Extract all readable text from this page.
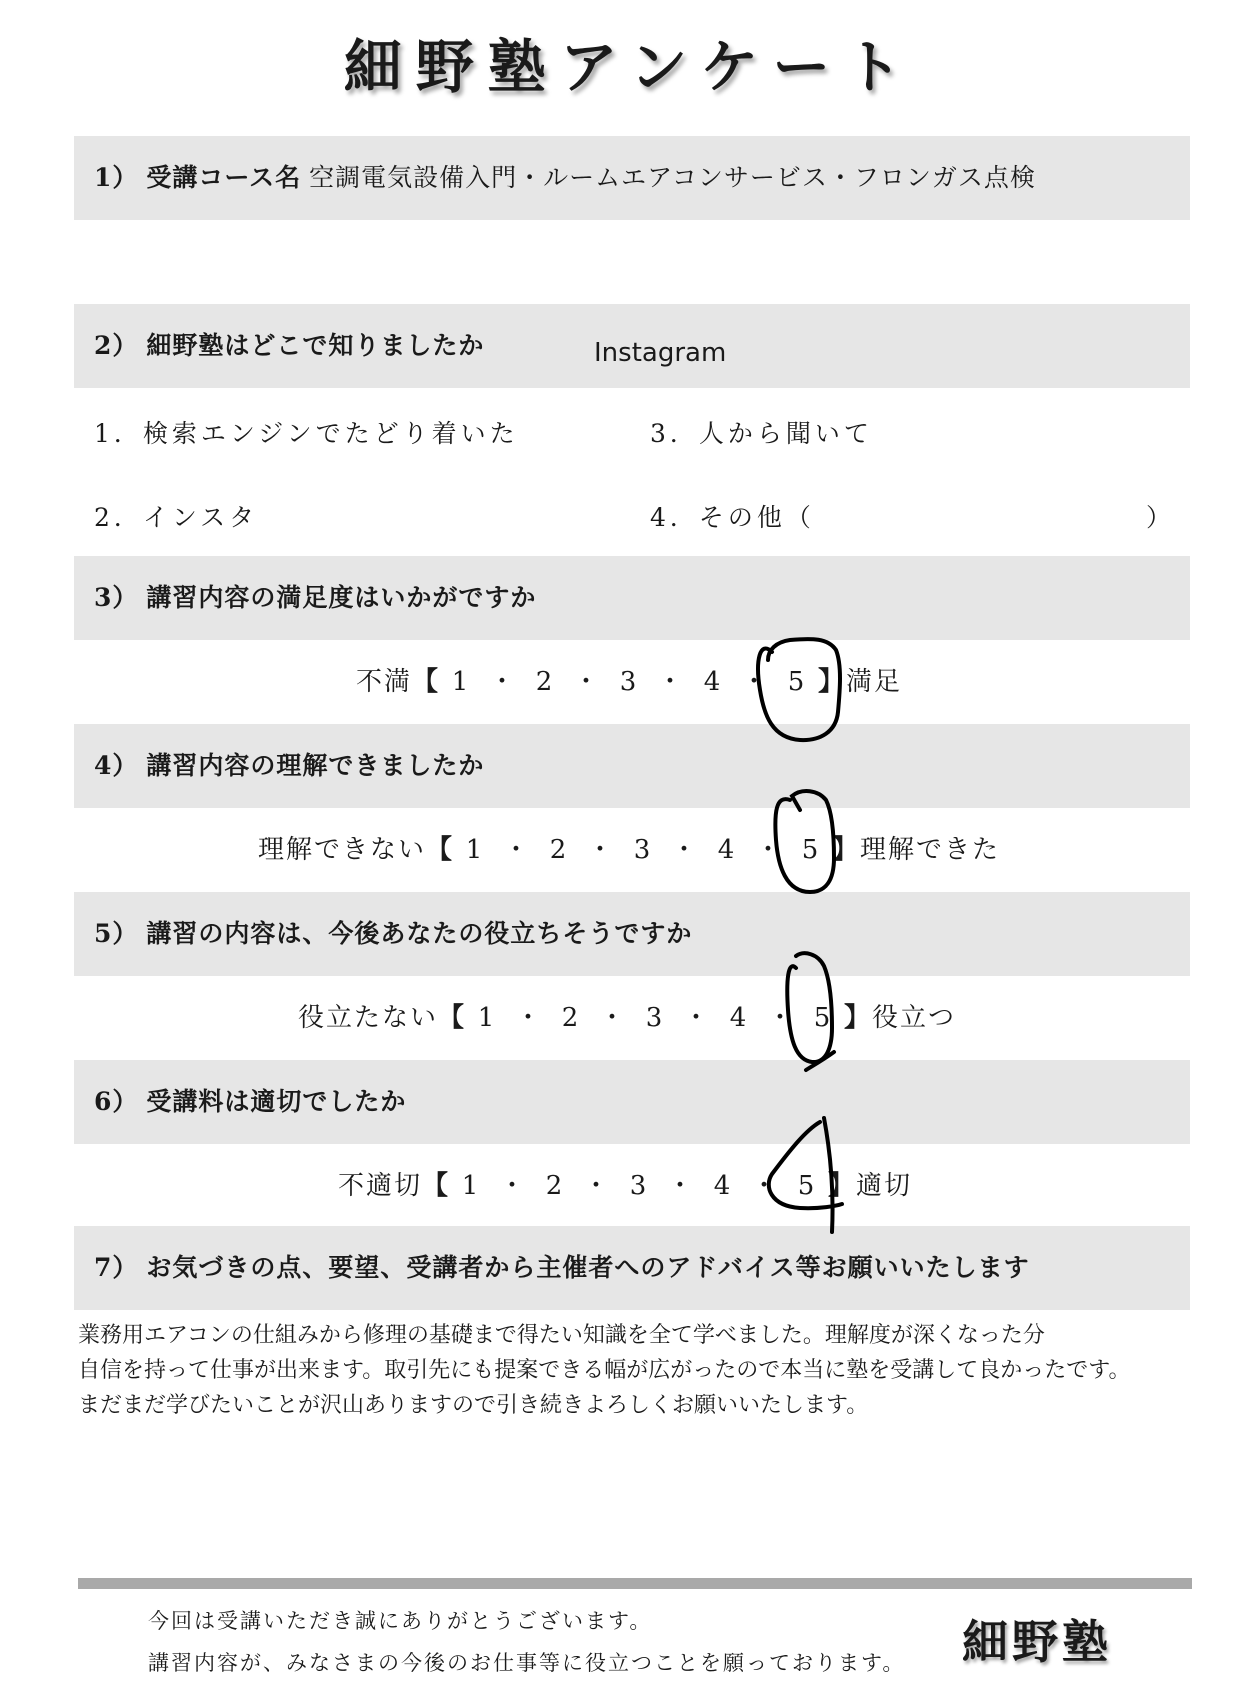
細野塾アンケート
1） 受講コース名 空調電気設備入門・ルームエアコンサービス・フロンガス点検
2） 細野塾はどこで知りましたか	Instagram
1．検索エンジンでたどり着いた
2．インスタ
3．人から聞いて
4．その他（	）
3） 講習内容の満足度はいかがですか
不満【 1 ・ 2 ・ 3 ・ 4 ・ 5 】満足
4） 講習内容の理解できましたか
理解できない【 1 ・ 2 ・ 3 ・ 4 ・ 5 】理解できた
5） 講習の内容は、今後あなたの役立ちそうですか
役立たない【 1 ・ 2 ・ 3 ・ 4 ・ 5 】役立つ
6） 受講料は適切でしたか
不適切【 1 ・ 2 ・ 3 ・ 4 ・ 5 】適切
7） お気づきの点、要望、受講者から主催者へのアドバイス等お願いいたします
業務用エアコンの仕組みから修理の基礎まで得たい知識を全て学べました。理解度が深くなった分
自信を持って仕事が出来ます。取引先にも提案できる幅が広がったので本当に塾を受講して良かったです。
まだまだ学びたいことが沢山ありますので引き続きよろしくお願いいたします。
今回は受講いただき誠にありがとうございます。
講習内容が、みなさまの今後のお仕事等に役立つことを願っております。 細野塾
